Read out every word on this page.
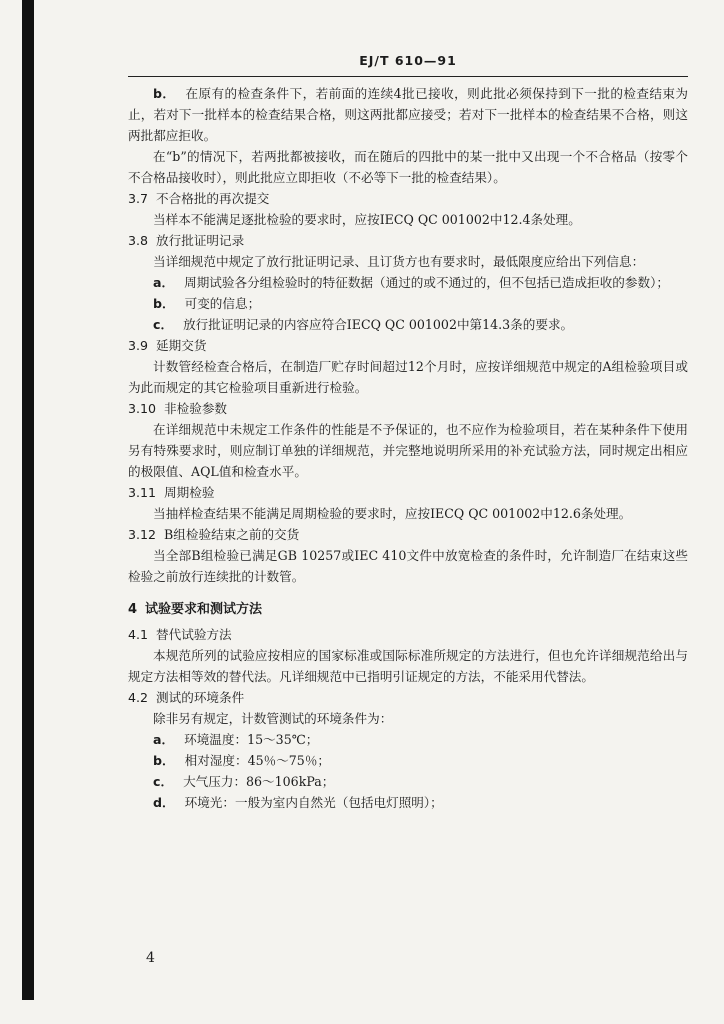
EJ/T 610—91

b． 在原有的检查条件下，若前面的连续4批已接收，则此批必须保持到下一批的检查结束为止，若对下一批样本的检查结果合格，则这两批都应接受；若对下一批样本的检查结果不合格，则这两批都应拒收。

在“b”的情况下，若两批都被接收，而在随后的四批中的某一批中又出现一个不合格品（按零个不合格品接收时），则此批应立即拒收（不必等下一批的检查结果）。

3.7 不合格批的再次提交

当样本不能满足逐批检验的要求时，应按IECQ QC 001002中12.4条处理。

3.8 放行批证明记录

当详细规范中规定了放行批证明记录、且订货方也有要求时，最低限度应给出下列信息：

a． 周期试验各分组检验时的特征数据（通过的或不通过的，但不包括已造成拒收的参数）；

b． 可变的信息；

c． 放行批证明记录的内容应符合IECQ QC 001002中第14.3条的要求。

3.9 延期交货

计数管经检查合格后，在制造厂贮存时间超过12个月时，应按详细规范中规定的A组检验项目或为此而规定的其它检验项目重新进行检验。

3.10 非检验参数

在详细规范中未规定工作条件的性能是不予保证的，也不应作为检验项目，若在某种条件下使用另有特殊要求时，则应制订单独的详细规范，并完整地说明所采用的补充试验方法，同时规定出相应的极限值、AQL值和检查水平。

3.11 周期检验

当抽样检查结果不能满足周期检验的要求时，应按IECQ QC 001002中12.6条处理。

3.12 B组检验结束之前的交货

当全部B组检验已满足GB 10257或IEC 410文件中放宽检查的条件时，允许制造厂在结束这些检验之前放行连续批的计数管。

4 试验要求和测试方法
4.1 替代试验方法

本规范所列的试验应按相应的国家标准或国际标准所规定的方法进行，但也允许详细规范给出与规定方法相等效的替代法。凡详细规范中已指明引证规定的方法，不能采用代替法。

4.2 测试的环境条件

除非另有规定，计数管测试的环境条件为：

a． 环境温度：15～35℃；

b． 相对湿度：45％～75％；

c． 大气压力：86～106kPa；

d． 环境光：一般为室内自然光（包括电灯照明）；

4
